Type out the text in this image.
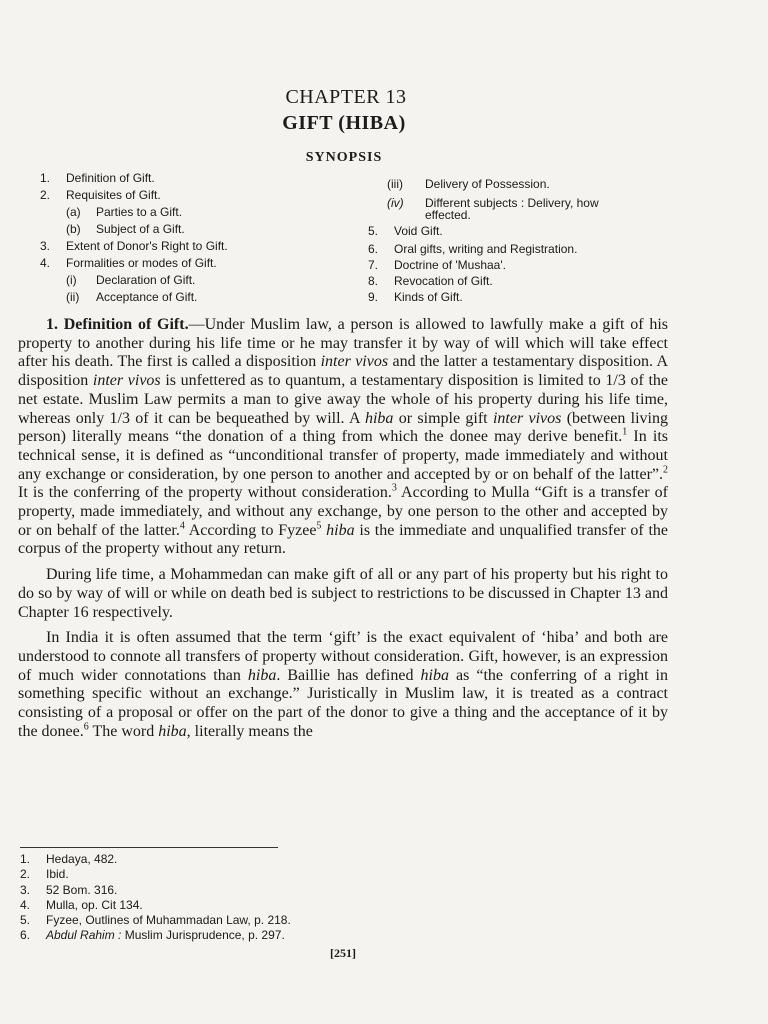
CHAPTER 13
GIFT (HIBA)
SYNOPSIS
1. Definition of Gift.
2. Requisites of Gift.
(a) Parties to a Gift.
(b) Subject of a Gift.
3. Extent of Donor's Right to Gift.
4. Formalities or modes of Gift.
(i) Declaration of Gift.
(ii) Acceptance of Gift.
(iii) Delivery of Possession.
(iv) Different subjects : Delivery, how
effected.
5. Void Gift.
6. Oral gifts, writing and Registration.
7. Doctrine of 'Mushaa'.
8. Revocation of Gift.
9. Kinds of Gift.

1. Definition of Gift.—Under Muslim law, a person is allowed to lawfully make a gift of his property to another during his life time or he may transfer it by way of will which will take effect after his death. The first is called a disposition inter vivos and the latter a testamentary disposition. A disposition inter vivos is unfettered as to quantum, a testamentary disposition is limited to 1/3 of the net estate. Muslim Law permits a man to give away the whole of his property during his life time, whereas only 1/3 of it can be bequeathed by will. A hiba or simple gift inter vivos (between living person) literally means “the donation of a thing from which the donee may derive benefit.$^1$ In its technical sense, it is defined as “unconditional transfer of property, made immediately and without any exchange or consideration, by one person to another and accepted by or on behalf of the latter”.$^2$ It is the conferring of the property without consideration.$^3$ According to Mulla “Gift is a transfer of property, made immediately, and without any exchange, by one person to the other and accepted by or on behalf of the latter.$^4$ According to Fyzee$^5$ hiba is the immediate and unqualified transfer of the corpus of the property without any return.

During life time, a Mohammedan can make gift of all or any part of his property but his right to do so by way of will or while on death bed is subject to restrictions to be discussed in Chapter 13 and Chapter 16 respectively.

In India it is often assumed that the term ‘gift’ is the exact equivalent of ‘hiba’ and both are understood to connote all transfers of property without consideration. Gift, however, is an expression of much wider connotations than hiba. Baillie has defined hiba as “the conferring of a right in something specific without an exchange.” Juristically in Muslim law, it is treated as a contract consisting of a proposal or offer on the part of the donor to give a thing and the acceptance of it by the donee.$^6$ The word hiba, literally means the

1. Hedaya, 482.
2. Ibid.
3. 52 Bom. 316.
4. Mulla, op. Cit 134.
5. Fyzee, Outlines of Muhammadan Law, p. 218.
6. Abdul Rahim : Muslim Jurisprudence, p. 297.
[251]
